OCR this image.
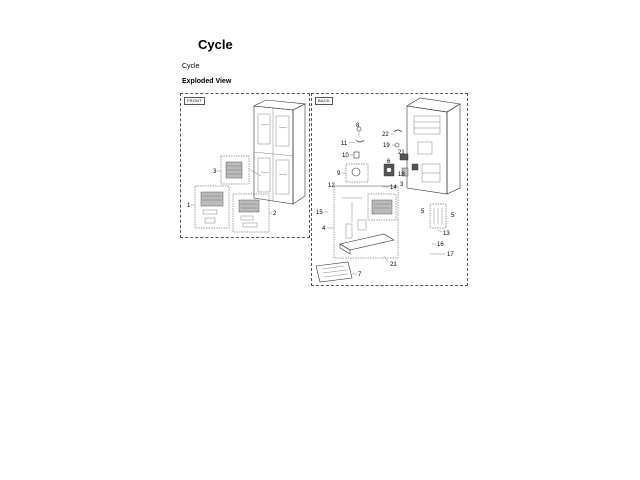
Cycle
Cycle
Exploded View
FRONT
3
1
2
BACK
8
11
10
9
22
19
21
6
18
3
12	14
4
15
21
7
5
5
13
16
17
